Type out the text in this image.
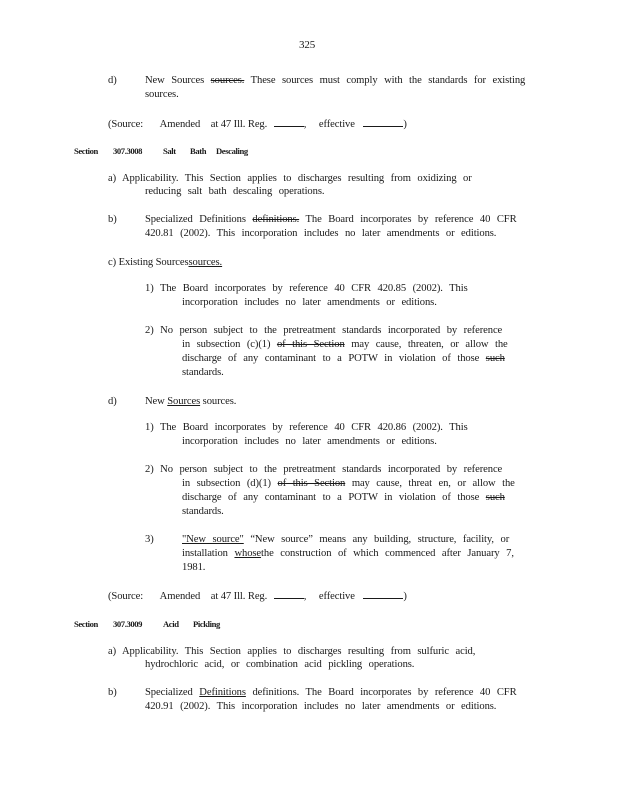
325
d)	New Sources sources. These sources must comply with the standards for existing
sources.
(Source: Amended at 47 Ill. Reg.	, effective	)
Section 307.3008 Salt Bath Descaling
a) Applicability. This Section applies to discharges resulting from oxidizing or
reducing salt bath descaling operations.
b)	Specialized Definitions definitions. The Board incorporates by reference 40 CFR
420.81 (2002). This incorporation includes no later amendments or editions.
c) Existing Sourcessources.
1) The Board incorporates by reference 40 CFR 420.85 (2002). This
incorporation includes no later amendments or editions.
2) No person subject to the pretreatment standards incorporated by reference
in subsection (c)(1) of this Section may cause, threaten, or allow the
discharge of any contaminant to a POTW in violation of those such
standards.
d)	New Sources sources.
1) The Board incorporates by reference 40 CFR 420.86 (2002). This
incorporation includes no later amendments or editions.
2) No person subject to the pretreatment standards incorporated by reference
in subsection (d)(1) of this Section may cause, threat en, or allow the
discharge of any contaminant to a POTW in violation of those such
standards.
3)	"New source" “New source” means any building, structure, facility, or
installation whosethe construction of which commenced after January 7,
1981.
(Source: Amended at 47 Ill. Reg.	, effective	)
Section 307.3009 Acid Pickling
a) Applicability. This Section applies to discharges resulting from sulfuric acid,
hydrochloric acid, or combination acid pickling operations.
b)	Specialized Definitions definitions. The Board incorporates by reference 40 CFR
420.91 (2002). This incorporation includes no later amendments or editions.
